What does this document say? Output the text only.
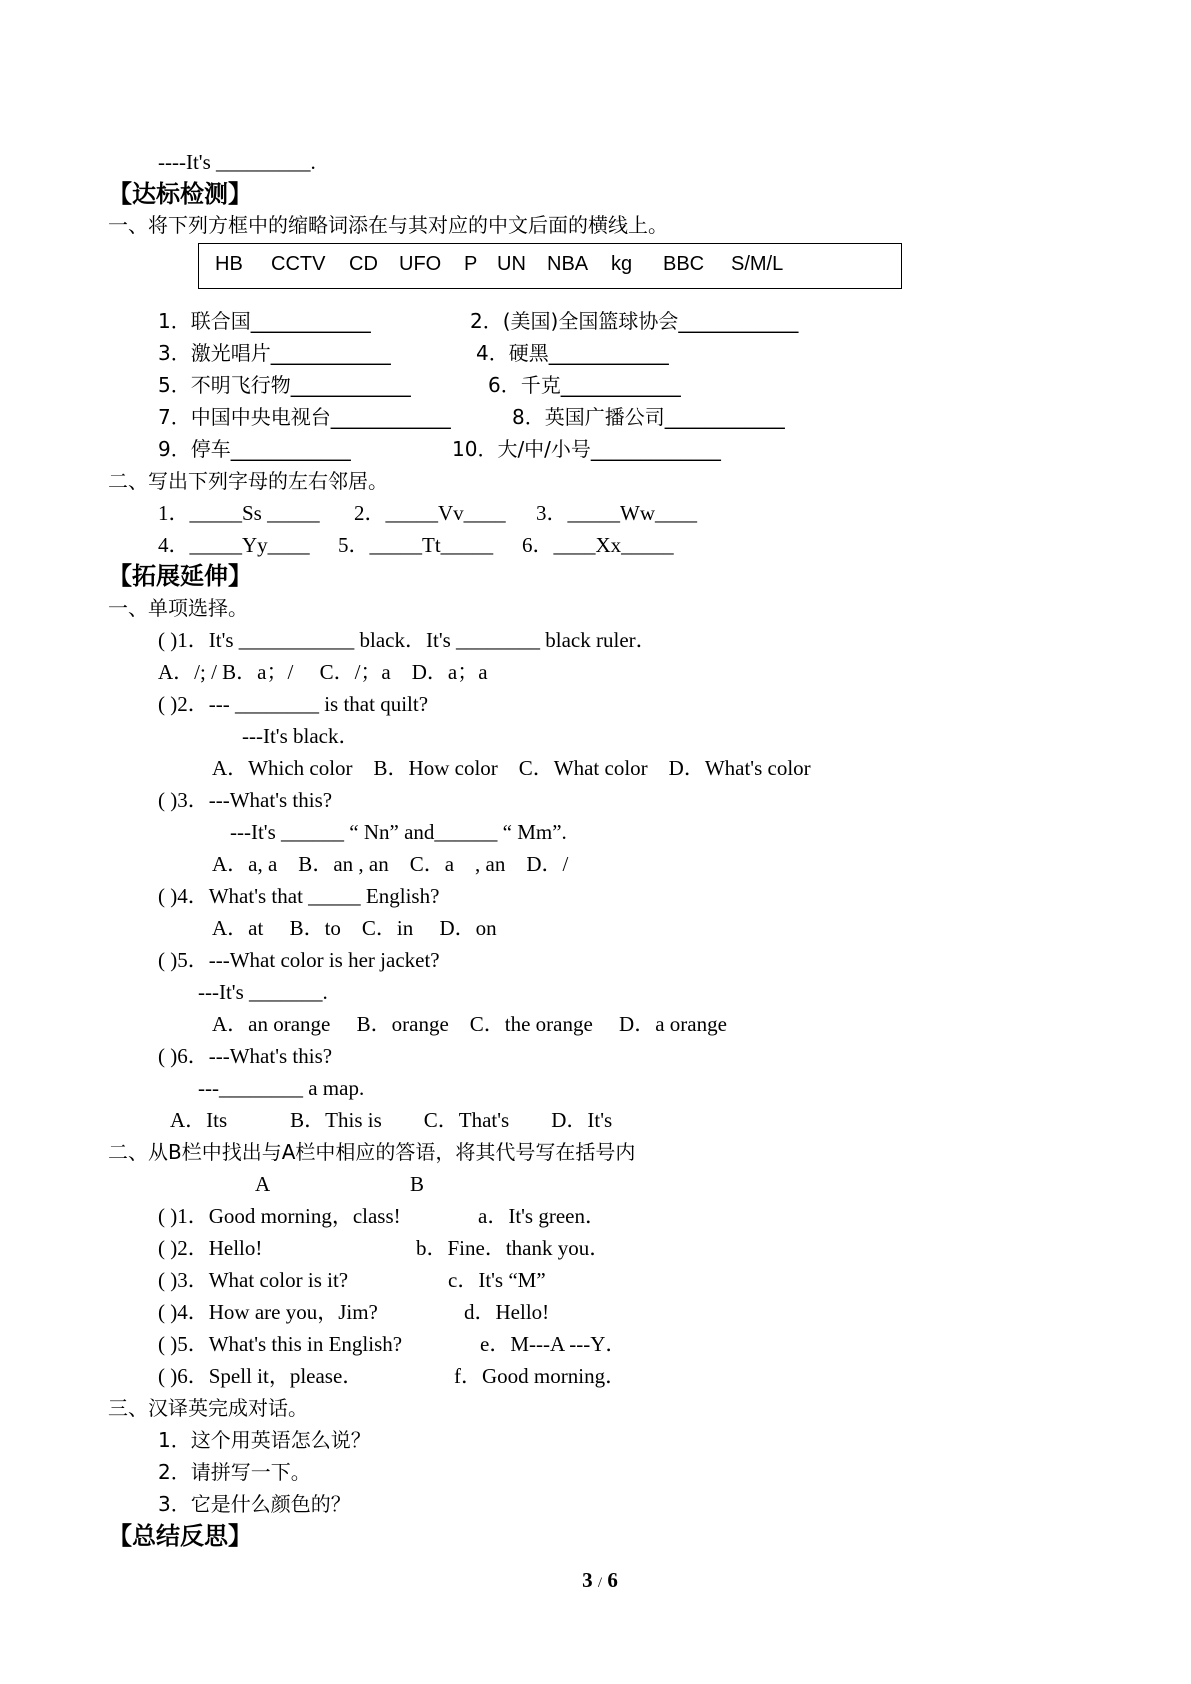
----It's _________.
【达标检测】
一、将下列方框中的缩略词添在与其对应的中文后面的横线上。
HB CCTV CD UFO P UN NBA kg BBC S/M/L
1．联合国____________	2．(美国)全国篮球协会____________
3．激光唱片____________	4．硬黑____________
5．不明飞行物____________	6．千克____________
7．中国中央电视台____________	8．英国广播公司____________
9．停车____________	10．大/中/小号_____________
二、写出下列字母的左右邻居。
1．_____Ss _____ 2．_____Vv____ 3．_____Ww____
4．_____Yy____ 5．_____Tt_____ 6．____Xx_____
【拓展延伸】
一、单项选择。
( )1．It's ___________ black．It's ________ black ruler．
A．/; / B．a；/　 C．/；a　D．a；a
( )2．--- ________ is that quilt?
---It's black．
A．Which color　B．How color　C．What color　D．What's color
( )3．---What's this?
---It's ______ “ Nn” and______ “ Mm”.
A．a, a　B．an , an　C．a　, an　D．/
( )4．What's that _____ English?
A．at　 B．to　C．in　 D．on
( )5．---What color is her jacket?
---It's _______.
A．an orange　 B．orange　C．the orange　 D．a orange
( )6．---What's this?
---________ a map.
A．Its　　　B．This is　　C．That's　　D．It's
二、从B栏中找出与A栏中相应的答语，将其代号写在括号内
A	B
( )1．Good morning，class!	a．It's green．
( )2．Hello!	b．Fine．thank you．
( )3．What color is it?	c．It's “M”
( )4．How are you，Jim?	d．Hello!
( )5．What's this in English?	e．M---A ---Y．
( )6．Spell it，please．	f．Good morning．
三、汉译英完成对话。
1．这个用英语怎么说？
2．请拼写一下。
3．它是什么颜色的？
【总结反思】
3 / 6
